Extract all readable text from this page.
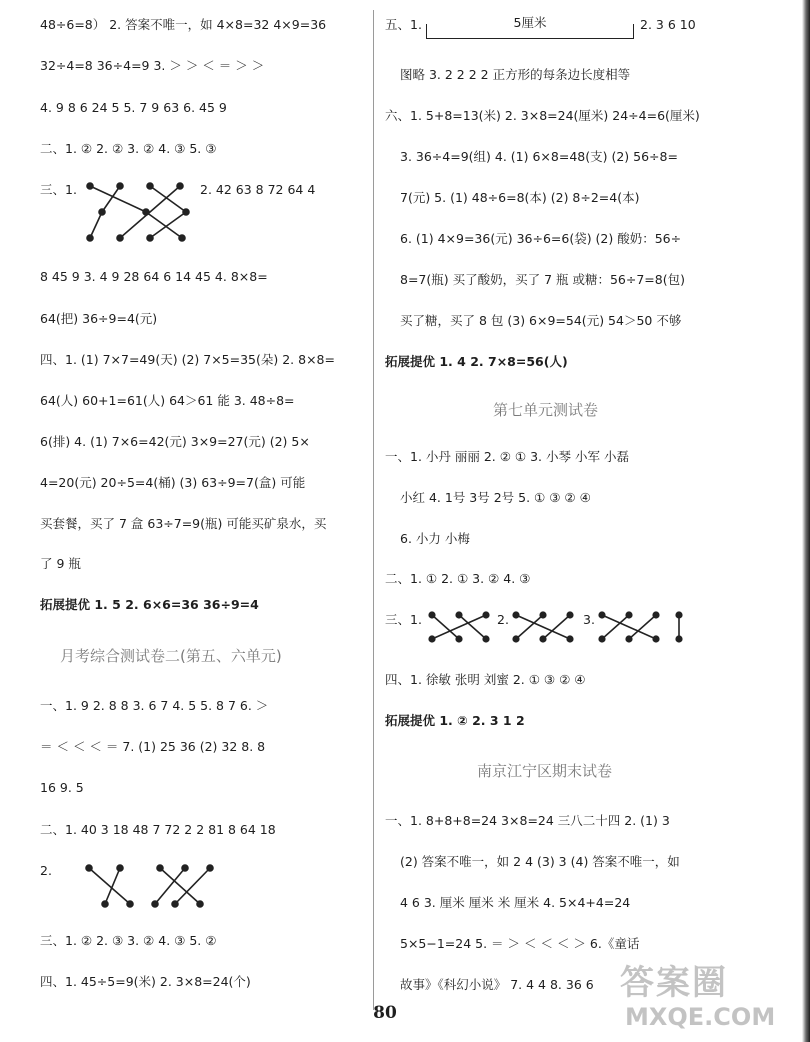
48÷6=8） 2. 答案不唯一，如 4×8=32 4×9=36
32÷4=8 36÷4=9 3. ＞ ＞ ＜ ＝ ＞ ＞
4. 9 8 6 24 5 5. 7 9 63 6. 45 9
二、1. ② 2. ② 3. ② 4. ③ 5. ③
三、1.	2. 42 63 8 72 64 4
8 45 9 3. 4 9 28 64 6 14 45 4. 8×8=
64(把) 36÷9=4(元)
四、1. (1) 7×7=49(天) (2) 7×5=35(朵) 2. 8×8=
64(人) 60+1=61(人) 64＞61 能 3. 48÷8=
6(排) 4. (1) 7×6=42(元) 3×9=27(元) (2) 5×
4=20(元) 20÷5=4(桶) (3) 63÷9=7(盒) 可能
买套餐，买了 7 盒 63÷7=9(瓶) 可能买矿泉水，买
了 9 瓶
拓展提优 1. 5 2. 6×6=36 36÷9=4
月考综合测试卷二(第五、六单元)
一、1. 9 2. 8 8 3. 6 7 4. 5 5. 8 7 6. ＞
＝ ＜ ＜ ＜ ＝ 7. (1) 25 36 (2) 32 8. 8
16 9. 5
二、1. 40 3 18 48 7 72 2 2 81 8 64 18
2.
三、1. ② 2. ③ 3. ② 4. ③ 5. ②
四、1. 45÷5=9(米) 2. 3×8=24(个)
五、1.	5厘米	2. 3 6 10
图略 3. 2 2 2 2 正方形的每条边长度相等
六、1. 5+8=13(米) 2. 3×8=24(厘米) 24÷4=6(厘米)
3. 36÷4=9(组) 4. (1) 6×8=48(支) (2) 56÷8=
7(元) 5. (1) 48÷6=8(本) (2) 8÷2=4(本)
6. (1) 4×9=36(元) 36÷6=6(袋) (2) 酸奶：56÷
8=7(瓶) 买了酸奶，买了 7 瓶 或糖：56÷7=8(包)
买了糖，买了 8 包 (3) 6×9=54(元) 54＞50 不够
拓展提优 1. 4 2. 7×8=56(人)
第七单元测试卷
一、1. 小丹 丽丽 2. ② ① 3. 小琴 小军 小磊
小红 4. 1号 3号 2号 5. ① ③ ② ④
6. 小力 小梅
二、1. ① 2. ① 3. ② 4. ③
三、1.	2.	3.
四、1. 徐敏 张明 刘蜜 2. ① ③ ② ④
拓展提优 1. ② 2. 3 1 2
南京江宁区期末试卷
一、1. 8+8+8=24 3×8=24 三八二十四 2. (1) 3
(2) 答案不唯一，如 2 4 (3) 3 (4) 答案不唯一，如
4 6 3. 厘米 厘米 米 厘米 4. 5×4+4=24
5×5−1=24 5. ＝ ＞ ＜ ＜ ＜ ＞ 6.《童话
故事》《科幻小说》 7. 4 4 8. 36 6
80
答案圈
MXQE.COM
